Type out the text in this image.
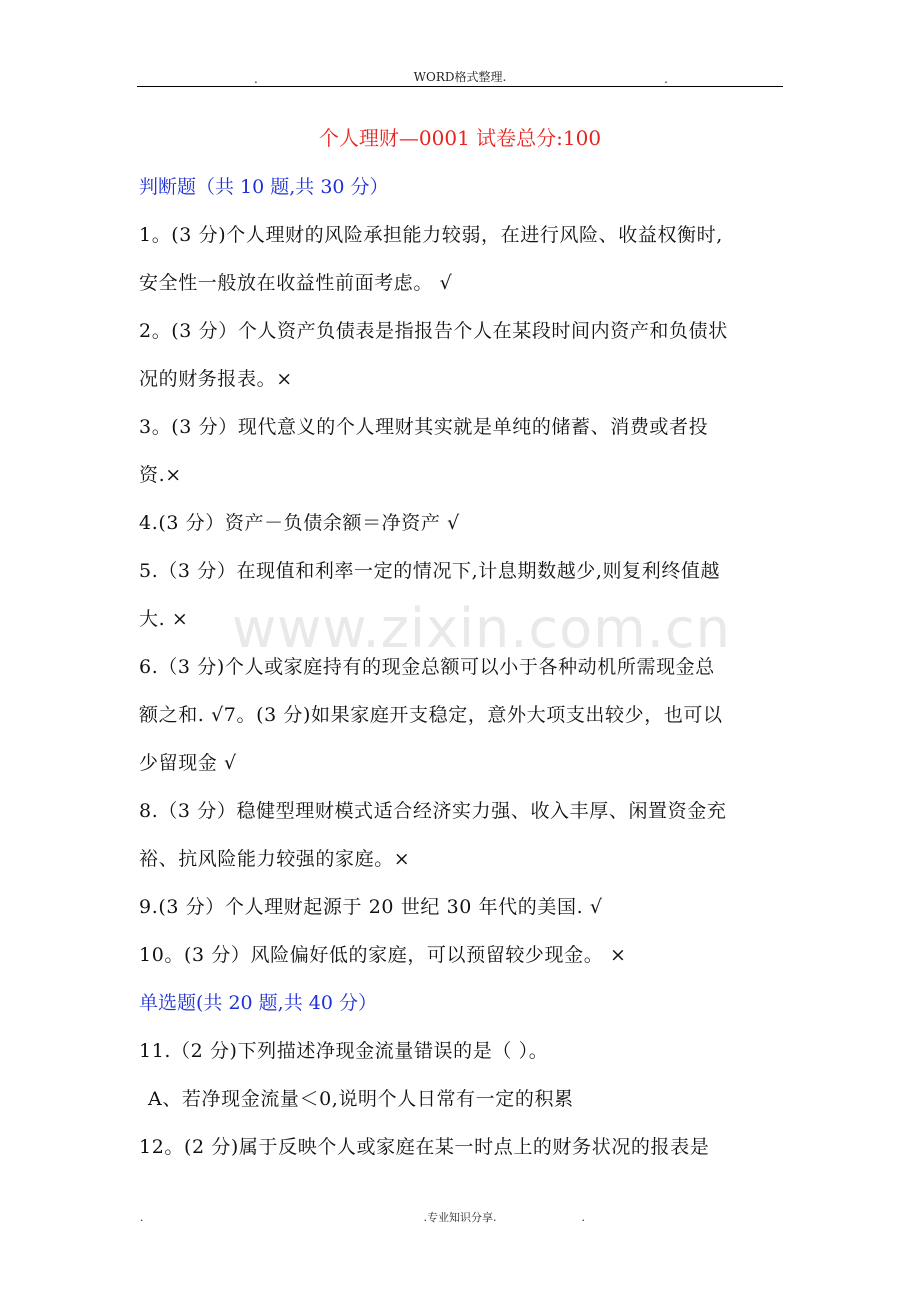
.	WORD格式整理.	.
个人理财—0001 试卷总分:100
判断题（共 10 题,共 30 分）
1。(3 分)个人理财的风险承担能力较弱，在进行风险、收益权衡时,
安全性一般放在收益性前面考虑。 √
2。(3 分）个人资产负债表是指报告个人在某段时间内资产和负债状
况的财务报表。×
3。(3 分）现代意义的个人理财其实就是单纯的储蓄、消费或者投
资.×
4.(3 分）资产－负债余额＝净资产 √
5.（3 分）在现值和利率一定的情况下,计息期数越少,则复利终值越
大. ×
6.（3 分)个人或家庭持有的现金总额可以小于各种动机所需现金总
额之和. √7。(3 分)如果家庭开支稳定，意外大项支出较少，也可以
少留现金 √
8.（3 分）稳健型理财模式适合经济实力强、收入丰厚、闲置资金充
裕、抗风险能力较强的家庭。×
9.(3 分）个人理财起源于 20 世纪 30 年代的美国. √
10。(3 分）风险偏好低的家庭，可以预留较少现金。 ×
单选题(共 20 题,共 40 分）
11.（2 分)下列描述净现金流量错误的是（ ）。
A、若净现金流量＜0,说明个人日常有一定的积累
12。(2 分)属于反映个人或家庭在某一时点上的财务状况的报表是
www.zixin.com.cn
.	.专业知识分享.	.
